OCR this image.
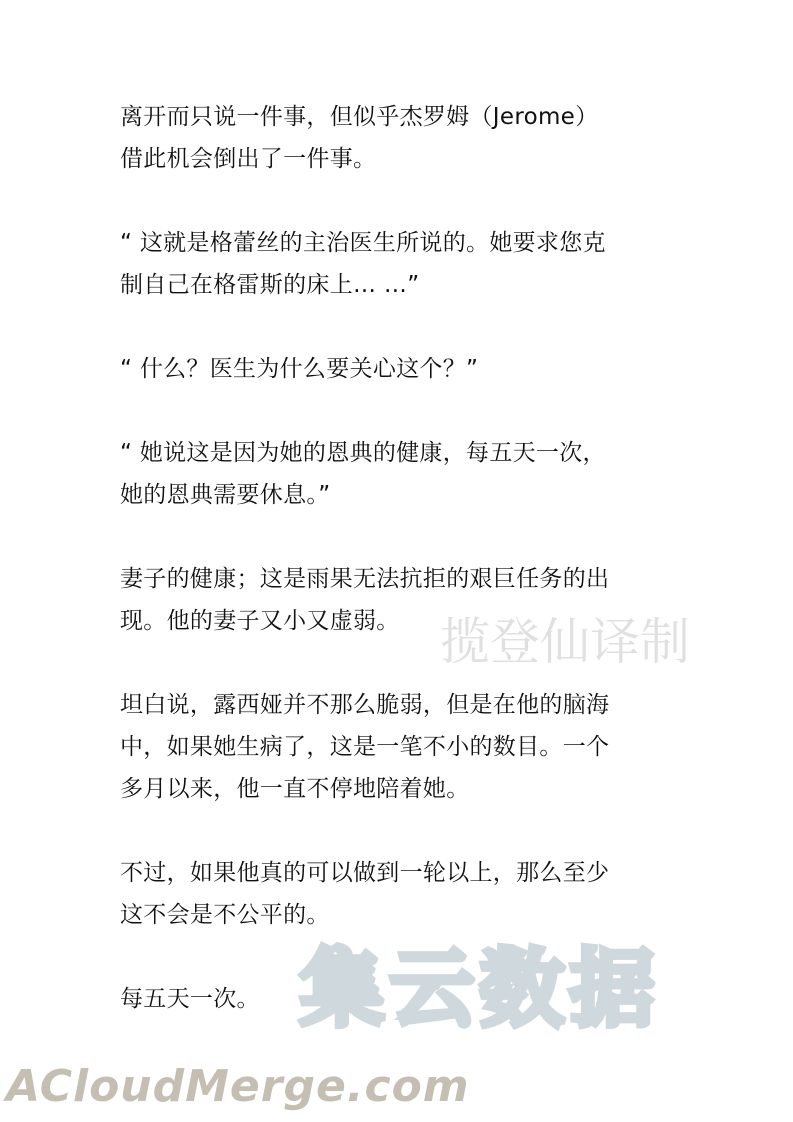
揽登仙译制
集云数据
ACloudMerge.com
离开而只说一件事，但似乎杰罗姆（Jerome）
借此机会倒出了一件事。
“ 这就是格蕾丝的主治医生所说的。她要求您克
制自己在格雷斯的床上… …”
“ 什么？医生为什么要关心这个？”
“ 她说这是因为她的恩典的健康，每五天一次，
她的恩典需要休息。”
妻子的健康；这是雨果无法抗拒的艰巨任务的出
现。他的妻子又小又虚弱。
坦白说，露西娅并不那么脆弱，但是在他的脑海
中，如果她生病了，这是一笔不小的数目。一个
多月以来，他一直不停地陪着她。
不过，如果他真的可以做到一轮以上，那么至少
这不会是不公平的。
每五天一次。
